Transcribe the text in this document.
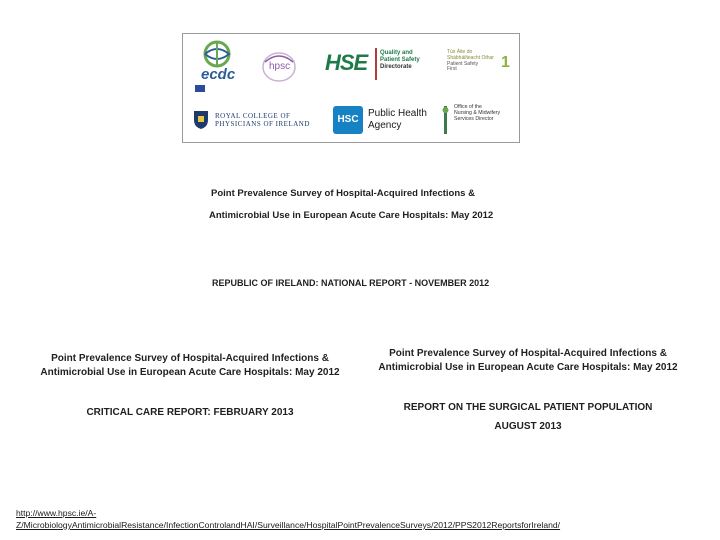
ecdc	hpsc HSE Quality and
Patient Safety
Directorate
Tús Áite do
Shábháilteacht Othar
Patient Safety
First	1
ROYAL COLLEGE OF
PHYSICIANS OF IRELAND	HSC
Public Health
Agency
Office of the
Nursing & Midwifery
Services Director
Point Prevalence Survey of Hospital-Acquired Infections &
Antimicrobial Use in European Acute Care Hospitals: May 2012
REPUBLIC OF IRELAND: NATIONAL REPORT - NOVEMBER 2012
Point Prevalence Survey of Hospital-Acquired Infections &
Antimicrobial Use in European Acute Care Hospitals: May 2012
CRITICAL CARE REPORT: FEBRUARY 2013
Point Prevalence Survey of Hospital-Acquired Infections &
Antimicrobial Use in European Acute Care Hospitals: May 2012
REPORT ON THE SURGICAL PATIENT POPULATION
AUGUST 2013
http://www.hpsc.ie/A-
Z/MicrobiologyAntimicrobialResistance/InfectionControlandHAI/Surveillance/HospitalPointPrevalenceSurveys/2012/PPS2012ReportsforIreland/
